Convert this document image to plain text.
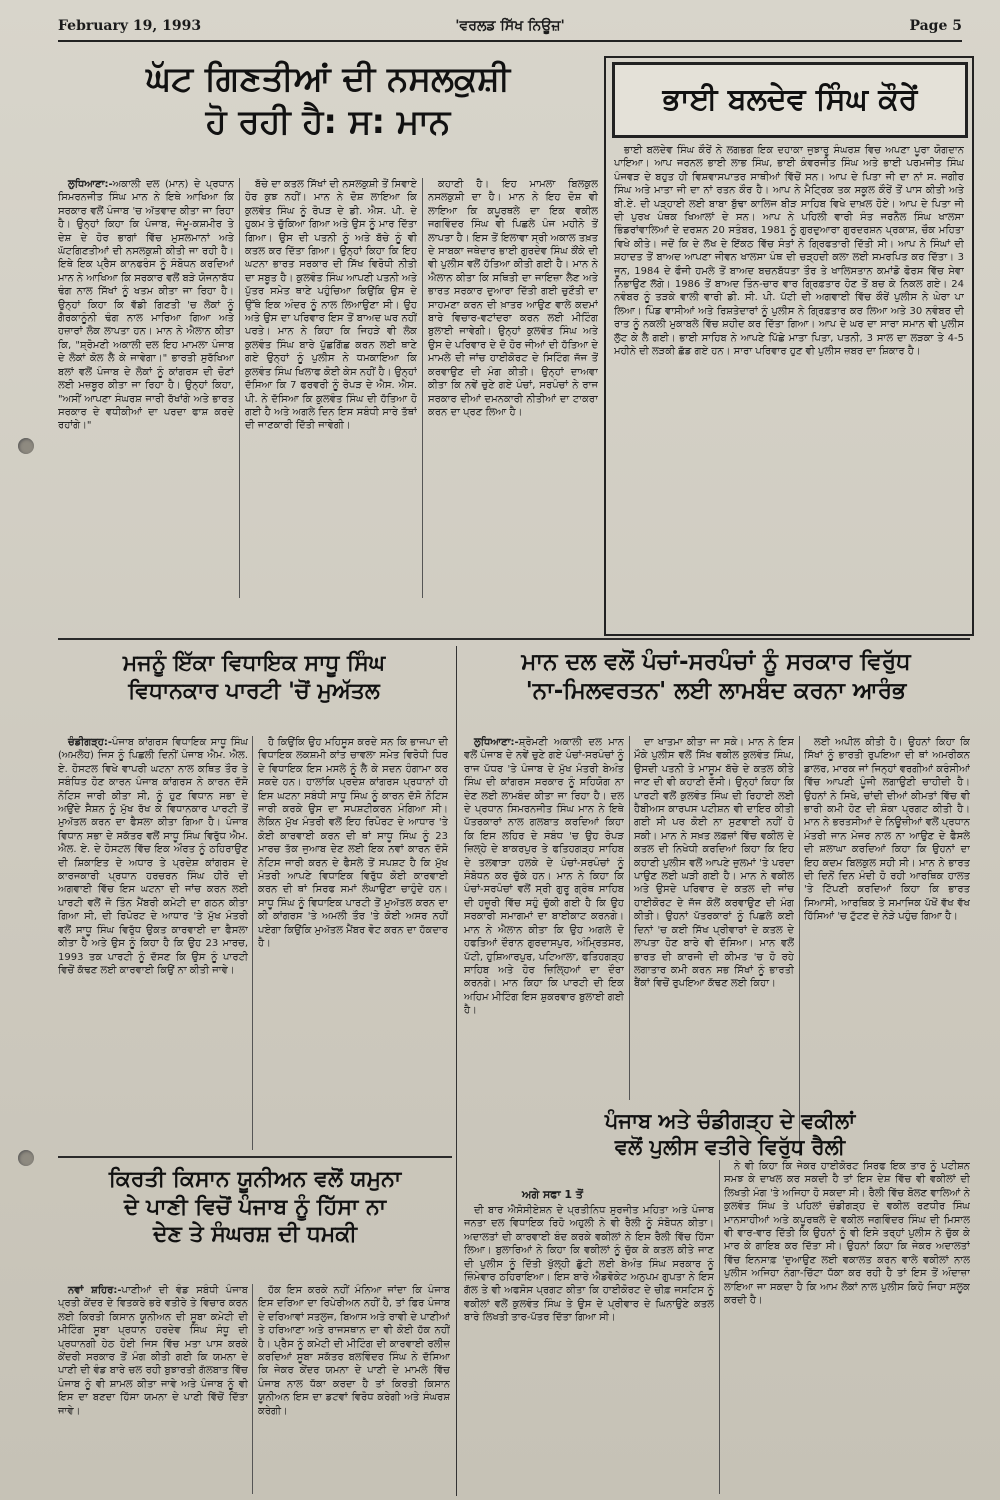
February 19, 1993	'ਵਰਲਡ ਸਿੱਖ ਨਿਊਜ਼'	Page 5
ਘੱਟ ਗਿਣਤੀਆਂ ਦੀ ਨਸਲਕੁਸ਼ੀ
ਹੋ ਰਹੀ ਹੈ: ਸ: ਮਾਨ

ਲੁਧਿਆਣਾ:-ਅਕਾਲੀ ਦਲ (ਮਾਨ) ਦੇ ਪ੍ਰਧਾਨ ਸਿਮਰਨਜੀਤ ਸਿੰਘ ਮਾਨ ਨੇ ਇਥੇ ਆਖਿਆ ਕਿ ਸਰਕਾਰ ਵਲੋਂ ਪੰਜਾਬ 'ਚ ਅੱਤਵਾਦ ਕੀਤਾ ਜਾ ਰਿਹਾ ਹੈ। ਉਨ੍ਹਾਂ ਕਿਹਾ ਕਿ ਪੰਜਾਬ, ਜੰਮੂ-ਕਸ਼ਮੀਰ ਤੇ ਦੇਸ਼ ਦੇ ਹੋਰ ਭਾਗਾਂ ਵਿੱਚ ਮੁਸਲਮਾਨਾਂ ਅਤੇ ਘੱਟਗਿਣਤੀਆਂ ਦੀ ਨਸਲਕੁਸ਼ੀ ਕੀਤੀ ਜਾ ਰਹੀ ਹੈ। ਇਥੇ ਇਕ ਪ੍ਰੈਸ ਕਾਨਫਰੰਸ ਨੂੰ ਸੰਬੋਧਨ ਕਰਦਿਆਂ ਮਾਨ ਨੇ ਆਖਿਆ ਕਿ ਸਰਕਾਰ ਵਲੋਂ ਬੜੇ ਯੋਜਨਾਬੱਧ ਢੰਗ ਨਾਲ ਸਿੱਖਾਂ ਨੂੰ ਖਤਮ ਕੀਤਾ ਜਾ ਰਿਹਾ ਹੈ। ਉਨ੍ਹਾਂ ਕਿਹਾ ਕਿ ਵੱਡੀ ਗਿਣਤੀ 'ਚ ਲੋਕਾਂ ਨੂੰ ਗੈਰਕਾਨੂੰਨੀ ਢੰਗ ਨਾਲ ਮਾਰਿਆ ਗਿਆ ਅਤੇ ਹਜ਼ਾਰਾਂ ਲੋਕ ਲਾਪਤਾ ਹਨ। ਮਾਨ ਨੇ ਐਲਾਨ ਕੀਤਾ ਕਿ, "ਸ਼੍ਰੋਮਣੀ ਅਕਾਲੀ ਦਲ ਇਹ ਮਾਮਲਾ ਪੰਜਾਬ ਦੇ ਲੋਕਾਂ ਕੋਲ ਲੈ ਕੇ ਜਾਵੇਗਾ।" ਭਾਰਤੀ ਸੁਰੱਖਿਆ ਬਲਾਂ ਵਲੋਂ ਪੰਜਾਬ ਦੇ ਲੋਕਾਂ ਨੂੰ ਕਾਂਗਰਸ ਦੀ ਚੋਣਾਂ ਲਈ ਮਜ਼ਬੂਰ ਕੀਤਾ ਜਾ ਰਿਹਾ ਹੈ। ਉਨ੍ਹਾਂ ਕਿਹਾ, "ਅਸੀਂ ਆਪਣਾ ਸੰਘਰਸ਼ ਜਾਰੀ ਰੱਖਾਂਗੇ ਅਤੇ ਭਾਰਤ ਸਰਕਾਰ ਦੇ ਵਧੀਕੀਆਂ ਦਾ ਪਰਦਾ ਫਾਸ਼ ਕਰਦੇ ਰਹਾਂਗੇ।"

ਬੱਚੇ ਦਾ ਕਤਲ ਸਿੱਖਾਂ ਦੀ ਨਸਲਕੁਸ਼ੀ ਤੋਂ ਸਿਵਾਏ ਹੋਰ ਕੁਝ ਨਹੀਂ। ਮਾਨ ਨੇ ਦੋਸ਼ ਲਾਇਆ ਕਿ ਕੁਲਵੰਤ ਸਿੰਘ ਨੂੰ ਰੋਪੜ ਦੇ ਡੀ. ਐਸ. ਪੀ. ਦੇ ਹੁਕਮ ਤੇ ਚੁੱਕਿਆ ਗਿਆ ਅਤੇ ਉਸ ਨੂੰ ਮਾਰ ਦਿੱਤਾ ਗਿਆ। ਉਸ ਦੀ ਪਤਨੀ ਨੂੰ ਅਤੇ ਬੱਚੇ ਨੂੰ ਵੀ ਕਤਲ ਕਰ ਦਿੱਤਾ ਗਿਆ। ਉਨ੍ਹਾਂ ਕਿਹਾ ਕਿ ਇਹ ਘਟਨਾ ਭਾਰਤ ਸਰਕਾਰ ਦੀ ਸਿੱਖ ਵਿਰੋਧੀ ਨੀਤੀ ਦਾ ਸਬੂਤ ਹੈ। ਕੁਲਵੰਤ ਸਿੰਘ ਆਪਣੀ ਪਤਨੀ ਅਤੇ ਪੁੱਤਰ ਸਮੇਤ ਥਾਣੇ ਪਹੁੰਚਿਆ ਕਿਉਂਕਿ ਉਸ ਦੇ ਉੱਥੇ ਇਕ ਅੰਦਰ ਨੂੰ ਨਾਲ ਲਿਆਉਣਾ ਸੀ। ਉਹ ਅਤੇ ਉਸ ਦਾ ਪਰਿਵਾਰ ਇਸ ਤੋਂ ਬਾਅਦ ਘਰ ਨਹੀਂ ਪਰਤੇ। ਮਾਨ ਨੇ ਕਿਹਾ ਕਿ ਜਿਹੜੇ ਵੀ ਲੋਕ ਕੁਲਵੰਤ ਸਿੰਘ ਬਾਰੇ ਪੁੱਛਗਿੱਛ ਕਰਨ ਲਈ ਥਾਣੇ ਗਏ ਉਨ੍ਹਾਂ ਨੂੰ ਪੁਲੀਸ ਨੇ ਧਮਕਾਇਆ ਕਿ ਕੁਲਵੰਤ ਸਿੰਘ ਖਿਲਾਫ ਕੋਈ ਕੇਸ ਨਹੀਂ ਹੈ। ਉਨ੍ਹਾਂ ਦੱਸਿਆ ਕਿ 7 ਫਰਵਰੀ ਨੂੰ ਰੋਪੜ ਦੇ ਐਸ. ਐਸ. ਪੀ. ਨੇ ਦੱਸਿਆ ਕਿ ਕੁਲਵੰਤ ਸਿੰਘ ਦੀ ਹੱਤਿਆ ਹੋ ਗਈ ਹੈ ਅਤੇ ਅਗਲੇ ਦਿਨ ਇਸ ਸਬੰਧੀ ਸਾਰੇ ਤੱਥਾਂ ਦੀ ਜਾਣਕਾਰੀ ਦਿੱਤੀ ਜਾਵੇਗੀ।

ਕਹਾਣੀ ਹੈ। ਇਹ ਮਾਮਲਾ ਬਿਲਕੁਲ ਨਸਲਕੁਸ਼ੀ ਦਾ ਹੈ। ਮਾਨ ਨੇ ਇਹ ਦੋਸ਼ ਵੀ ਲਾਇਆ ਕਿ ਕਪੂਰਥਲੇ ਦਾ ਇਕ ਵਕੀਲ ਜਗਵਿੰਦਰ ਸਿੰਘ ਵੀ ਪਿਛਲੇ ਪੰਜ ਮਹੀਨੇ ਤੋਂ ਲਾਪਤਾ ਹੈ। ਇਸ ਤੋਂ ਇਲਾਵਾ ਸ੍ਰੀ ਅਕਾਲ ਤਖ਼ਤ ਦੇ ਸਾਬਕਾ ਜਥੇਦਾਰ ਭਾਈ ਗੁਰਦੇਵ ਸਿੰਘ ਕੌਂਕੇ ਦੀ ਵੀ ਪੁਲੀਸ ਵਲੋਂ ਹੱਤਿਆ ਕੀਤੀ ਗਈ ਹੈ। ਮਾਨ ਨੇ ਐਲਾਨ ਕੀਤਾ ਕਿ ਸਥਿਤੀ ਦਾ ਜਾਇਜ਼ਾ ਲੈਣ ਅਤੇ ਭਾਰਤ ਸਰਕਾਰ ਦੁਆਰਾ ਦਿੱਤੀ ਗਈ ਚੁਣੌਤੀ ਦਾ ਸਾਹਮਣਾ ਕਰਨ ਦੀ ਖ਼ਾਤਰ ਆਉਣ ਵਾਲੇ ਕਦਮਾਂ ਬਾਰੇ ਵਿਚਾਰ-ਵਟਾਂਦਰਾ ਕਰਨ ਲਈ ਮੀਟਿੰਗ ਬੁਲਾਈ ਜਾਵੇਗੀ। ਉਨ੍ਹਾਂ ਕੁਲਵੰਤ ਸਿੰਘ ਅਤੇ ਉਸ ਦੇ ਪਰਿਵਾਰ ਦੇ ਦੋ ਹੋਰ ਜੀਆਂ ਦੀ ਹੱਤਿਆ ਦੇ ਮਾਮਲੇ ਦੀ ਜਾਂਚ ਹਾਈਕੋਰਟ ਦੇ ਸਿਟਿੰਗ ਜੱਜ ਤੋਂ ਕਰਵਾਉਣ ਦੀ ਮੰਗ ਕੀਤੀ। ਉਨ੍ਹਾਂ ਦਾਅਵਾ ਕੀਤਾ ਕਿ ਨਵੇਂ ਚੁਣੇ ਗਏ ਪੰਚਾਂ, ਸਰਪੰਚਾਂ ਨੇ ਰਾਜ ਸਰਕਾਰ ਦੀਆਂ ਦਮਨਕਾਰੀ ਨੀਤੀਆਂ ਦਾ ਟਾਕਰਾ ਕਰਨ ਦਾ ਪ੍ਰਣ ਲਿਆ ਹੈ।

ਭਾਈ ਬਲਦੇਵ ਸਿੰਘ ਕੌਰੇਂ

ਭਾਈ ਬਲਦੇਵ ਸਿੰਘ ਕੌਰੇਂ ਨੇ ਲਗਭਗ ਇਕ ਦਹਾਕਾ ਜੁਝਾਰੂ ਸੰਘਰਸ਼ ਵਿਚ ਅਪਣਾ ਪੂਰਾ ਯੋਗਦਾਨ ਪਾਇਆ। ਆਪ ਜਰਨਲ ਭਾਈ ਲਾਭ ਸਿੰਘ, ਭਾਈ ਕੰਵਰਜੀਤ ਸਿੰਘ ਅਤੇ ਭਾਈ ਪਰਮਜੀਤ ਸਿੰਘ ਪੰਜਵੜ ਦੇ ਬਹੁਤ ਹੀ ਵਿਸ਼ਵਾਸਪਾਤਰ ਸਾਥੀਆਂ ਵਿੱਚੋਂ ਸਨ। ਆਪ ਦੇ ਪਿਤਾ ਜੀ ਦਾ ਨਾਂ ਸ. ਜਗੀਰ ਸਿੰਘ ਅਤੇ ਮਾਤਾ ਜੀ ਦਾ ਨਾਂ ਰਤਨ ਕੌਰ ਹੈ। ਆਪ ਨੇ ਮੈਟ੍ਰਿਕ ਤਕ ਸਕੂਲ ਕੌਰੇਂ ਤੋਂ ਪਾਸ ਕੀਤੀ ਅਤੇ ਬੀ.ਏ. ਦੀ ਪੜ੍ਹਾਈ ਲਈ ਬਾਬਾ ਬੁੱਢਾ ਕਾਲਿਜ ਬੀੜ ਸਾਹਿਬ ਵਿਖੇ ਦਾਖ਼ਲ ਹੋਏ। ਆਪ ਦੇ ਪਿਤਾ ਜੀ ਦੀ ਪੁਰਖ ਪੰਥਕ ਖਿਆਲਾਂ ਦੇ ਸਨ। ਆਪ ਨੇ ਪਹਿਲੀ ਵਾਰੀ ਸੰਤ ਜਰਨੈਲ ਸਿੰਘ ਖਾਲਸਾ ਭਿੰਡਰਾਂਵਾਲਿਆਂ ਦੇ ਦਰਸ਼ਨ 20 ਸਤੰਬਰ, 1981 ਨੂੰ ਗੁਰਦੁਆਰਾ ਗੁਰਦਰਸ਼ਨ ਪ੍ਰਕਾਸ਼, ਚੌਕ ਮਹਿਤਾ ਵਿਖੇ ਕੀਤੇ। ਜਦੋਂ ਕਿ ਦੇ ਲੱਖ ਦੇ ਇੱਕਠ ਵਿੱਚ ਸੰਤਾਂ ਨੇ ਗ੍ਰਿਫਤਾਰੀ ਦਿੱਤੀ ਸੀ। ਆਪ ਨੇ ਸਿੰਘਾਂ ਦੀ ਸ਼ਹਾਦਤ ਤੋਂ ਬਾਅਦ ਆਪਣਾ ਜੀਵਨ ਖਾਲਸਾ ਪੰਥ ਦੀ ਚੜ੍ਹਦੀ ਕਲਾ ਲਈ ਸਮਰਪਿਤ ਕਰ ਦਿੱਤਾ। 3 ਜੂਨ, 1984 ਦੇ ਫੌਜੀ ਹਮਲੇ ਤੋਂ ਬਾਅਦ ਬਚਨਬੱਧਤਾ ਤੌਰ ਤੇ ਖਾਲਿਸਤਾਨ ਕਮਾਂਡੋ ਫੋਰਸ ਵਿੱਚ ਸੇਵਾ ਨਿਭਾਉਣ ਲੱਗੇ। 1986 ਤੋਂ ਬਾਅਦ ਤਿੰਨ-ਚਾਰ ਵਾਰ ਗ੍ਰਿਫ਼ਤਾਰ ਹੋਣ ਤੋਂ ਬਚ ਕੇ ਨਿਕਲ ਗਏ। 24 ਨਵੰਬਰ ਨੂੰ ਤੜਕੇ ਵਾਲੀ ਵਾਰੀ ਡੀ. ਸੀ. ਪੀ. ਪੱਟੀ ਦੀ ਅਗਵਾਈ ਵਿੱਚ ਕੌਰੇਂ ਪੁਲੀਸ ਨੇ ਘੇਰਾ ਪਾ ਲਿਆ। ਪਿੰਡ ਵਾਸੀਆਂ ਅਤੇ ਰਿਸ਼ਤੇਦਾਰਾਂ ਨੂੰ ਪੁਲੀਸ ਨੇ ਗ੍ਰਿਫ਼ਤਾਰ ਕਰ ਲਿਆ ਅਤੇ 30 ਨਵੰਬਰ ਦੀ ਰਾਤ ਨੂੰ ਨਕਲੀ ਮੁਕਾਬਲੇ ਵਿੱਚ ਸ਼ਹੀਦ ਕਰ ਦਿੱਤਾ ਗਿਆ। ਆਪ ਦੇ ਘਰ ਦਾ ਸਾਰਾ ਸਮਾਨ ਵੀ ਪੁਲੀਸ ਲੁੱਟ ਕੇ ਲੈ ਗਈ। ਭਾਈ ਸਾਹਿਬ ਨੇ ਆਪਣੇ ਪਿੱਛੇ ਮਾਤਾ ਪਿਤਾ, ਪਤਨੀ, 3 ਸਾਲ ਦਾ ਲੜਕਾ ਤੇ 4-5 ਮਹੀਨੇ ਦੀ ਲੜਕੀ ਛੱਡ ਗਏ ਹਨ। ਸਾਰਾ ਪਰਿਵਾਰ ਹੁਣ ਵੀ ਪੁਲੀਸ ਜ਼ਬਰ ਦਾ ਸ਼ਿਕਾਰ ਹੈ।

ਮਜਨੂੰ ਇੱਕਾ ਵਿਧਾਇਕ ਸਾਧੂ ਸਿੰਘ
ਵਿਧਾਨਕਾਰ ਪਾਰਟੀ 'ਚੋਂ ਮੁਅੱਤਲ

ਚੰਡੀਗੜ੍ਹ:-ਪੰਜਾਬ ਕਾਂਗਰਸ ਵਿਧਾਇਕ ਸਾਧੂ ਸਿੰਘ (ਅਮਲੋਹ) ਜਿਸ ਨੂੰ ਪਿਛਲੀ ਦਿਨੀਂ ਪੰਜਾਬ ਐਮ. ਐਲ. ਏ. ਹੋਸਟਲ ਵਿਖੇ ਵਾਪਰੀ ਘਟਨਾ ਨਾਲ ਕਥਿਤ ਤੌਰ ਤੇ ਸਬੰਧਿਤ ਹੋਣ ਕਾਰਨ ਪੰਜਾਬ ਕਾਂਗਰਸ ਨੇ ਕਾਰਨ ਦੱਸੋ ਨੋਟਿਸ ਜਾਰੀ ਕੀਤਾ ਸੀ, ਨੂੰ ਹੁਣ ਵਿਧਾਨ ਸਭਾ ਦੇ ਅਉਂਦੇ ਸੈਸ਼ਨ ਨੂੰ ਮੁੱਖ ਰੱਖ ਕੇ ਵਿਧਾਨਕਾਰ ਪਾਰਟੀ ਤੋਂ ਮੁਅੱਤਲ ਕਰਨ ਦਾ ਫੈਸਲਾ ਕੀਤਾ ਗਿਆ ਹੈ। ਪੰਜਾਬ ਵਿਧਾਨ ਸਭਾ ਦੇ ਸਕੱਤਰ ਵਲੋਂ ਸਾਧੂ ਸਿੰਘ ਵਿਰੁੱਧ ਐਮ. ਐਲ. ਏ. ਦੇ ਹੋਸਟਲ ਵਿੱਚ ਇਕ ਔਰਤ ਨੂੰ ਠਹਿਰਾਉਣ ਦੀ ਸ਼ਿਕਾਇਤ ਦੇ ਅਧਾਰ ਤੇ ਪ੍ਰਦੇਸ਼ ਕਾਂਗਰਸ ਦੇ ਕਾਰਜਕਾਰੀ ਪ੍ਰਧਾਨ ਹਰਚਰਨ ਸਿੰਘ ਹੀਰੋ ਦੀ ਅਗਵਾਈ ਵਿੱਚ ਇਸ ਘਟਨਾ ਦੀ ਜਾਂਚ ਕਰਨ ਲਈ ਪਾਰਟੀ ਵਲੋਂ ਜੋ ਤਿੰਨ ਮੈਂਬਰੀ ਕਮੇਟੀ ਦਾ ਗਠਨ ਕੀਤਾ ਗਿਆ ਸੀ, ਦੀ ਰਿਪੋਰਟ ਦੇ ਆਧਾਰ 'ਤੇ ਮੁੱਖ ਮੰਤਰੀ ਵਲੋਂ ਸਾਧੂ ਸਿੰਘ ਵਿਰੁੱਧ ਉਕਤ ਕਾਰਵਾਈ ਦਾ ਫੈਸਲਾ ਕੀਤਾ ਹੈ ਅਤੇ ਉਸ ਨੂੰ ਕਿਹਾ ਹੈ ਕਿ ਉਹ 23 ਮਾਰਚ, 1993 ਤਕ ਪਾਰਟੀ ਨੂੰ ਦੱਸਣ ਕਿ ਉਸ ਨੂੰ ਪਾਰਟੀ ਵਿਚੋਂ ਕੱਢਣ ਲਈ ਕਾਰਵਾਈ ਕਿਉਂ ਨਾ ਕੀਤੀ ਜਾਵੇ।

ਹੈ ਕਿਉਂਕਿ ਉਹ ਮਹਿਸੂਸ ਕਰਦੇ ਸਨ ਕਿ ਭਾਜਪਾ ਦੀ ਵਿਧਾਇਕ ਲਕਸ਼ਮੀ ਕਾਂਤ ਚਾਵਲਾ ਸਮੇਤ ਵਿਰੋਧੀ ਧਿਰ ਦੇ ਵਿਧਾਇਕ ਇਸ ਮਸਲੇ ਨੂੰ ਲੈ ਕੇ ਸਦਨ ਹੰਗਾਮਾ ਕਰ ਸਕਦੇ ਹਨ। ਹਾਲਾਂਕਿ ਪ੍ਰਦੇਸ਼ ਕਾਂਗਰਸ ਪ੍ਰਧਾਨਾਂ ਹੀ ਇਸ ਘਟਨਾ ਸਬੰਧੀ ਸਾਧੂ ਸਿੰਘ ਨੂੰ ਕਾਰਨ ਦੱਸੋ ਨੋਟਿਸ ਜਾਰੀ ਕਰਕੇ ਉਸ ਦਾ ਸਪਸ਼ਟੀਕਰਨ ਮੰਗਿਆ ਸੀ। ਲੇਕਿਨ ਮੁੱਖ ਮੰਤਰੀ ਵਲੋਂ ਇਹ ਰਿਪੋਰਟ ਦੇ ਆਧਾਰ 'ਤੇ ਕੋਈ ਕਾਰਵਾਈ ਕਰਨ ਦੀ ਥਾਂ ਸਾਧੂ ਸਿੰਘ ਨੂੰ 23 ਮਾਰਚ ਤੱਕ ਜੁਆਬ ਦੇਣ ਲਈ ਇਕ ਨਵਾਂ ਕਾਰਨ ਦੱਸੋ ਨੋਟਿਸ ਜਾਰੀ ਕਰਨ ਦੇ ਫੈਸਲੇ ਤੋਂ ਸਪਸ਼ਟ ਹੈ ਕਿ ਮੁੱਖ ਮੰਤਰੀ ਆਪਣੇ ਵਿਧਾਇਕ ਵਿਰੁੱਧ ਕੋਈ ਕਾਰਵਾਈ ਕਰਨ ਦੀ ਥਾਂ ਸਿਰਫ ਸਮਾਂ ਲੰਘਾਉਣਾ ਚਾਹੁੰਦੇ ਹਨ। ਸਾਧੂ ਸਿੰਘ ਨੂੰ ਵਿਧਾਇਕ ਪਾਰਟੀ ਤੋਂ ਮੁਅੱਤਲ ਕਰਨ ਦਾ ਕੀ ਕਾਂਗਰਸ 'ਤੇ ਅਮਲੀ ਤੌਰ 'ਤੇ ਕੋਈ ਅਸਰ ਨਹੀਂ ਪਏਗਾ ਕਿਉਂਕਿ ਮੁਅੱਤਲ ਮੈਂਬਰ ਵੋਟ ਕਰਨ ਦਾ ਹੱਕਦਾਰ ਹੈ।

ਮਾਨ ਦਲ ਵਲੋਂ ਪੰਚਾਂ-ਸਰਪੰਚਾਂ ਨੂੰ ਸਰਕਾਰ ਵਿਰੁੱਧ
'ਨਾ-ਮਿਲਵਰਤਨ' ਲਈ ਲਾਮਬੰਦ ਕਰਨਾ ਆਰੰਭ

ਲੁਧਿਆਣਾ:-ਸ਼੍ਰੋਮਣੀ ਅਕਾਲੀ ਦਲ ਮਾਨ ਵਲੋਂ ਪੰਜਾਬ ਦੇ ਨਵੇਂ ਚੁਣੇ ਗਏ ਪੰਚਾਂ-ਸਰਪੰਚਾਂ ਨੂੰ ਰਾਜ ਪੱਧਰ 'ਤੇ ਪੰਜਾਬ ਦੇ ਮੁੱਖ ਮੰਤਰੀ ਬੇਅੰਤ ਸਿੰਘ ਦੀ ਕਾਂਗਰਸ ਸਰਕਾਰ ਨੂੰ ਸਹਿਯੋਗ ਨਾ ਦੇਣ ਲਈ ਲਾਮਬੰਦ ਕੀਤਾ ਜਾ ਰਿਹਾ ਹੈ। ਦਲ ਦੇ ਪ੍ਰਧਾਨ ਸਿਮਰਨਜੀਤ ਸਿੰਘ ਮਾਨ ਨੇ ਇਥੇ ਪੱਤਰਕਾਰਾਂ ਨਾਲ ਗਲਬਾਤ ਕਰਦਿਆਂ ਕਿਹਾ ਕਿ ਇਸ ਲਹਿਰ ਦੇ ਸਬੰਧ 'ਚ ਉਹ ਰੋਪੜ ਜ਼ਿਲ੍ਹੇ ਦੇ ਬਾਕਰਪੁਰ ਤੇ ਫਤਿਹਗੜ੍ਹ ਸਾਹਿਬ ਦੇ ਤਲਵਾੜਾ ਹਲਕੇ ਦੇ ਪੰਚਾਂ-ਸਰਪੰਚਾਂ ਨੂੰ ਸੰਬੋਧਨ ਕਰ ਚੁੱਕੇ ਹਨ। ਮਾਨ ਨੇ ਕਿਹਾ ਕਿ ਪੰਚਾਂ-ਸਰਪੰਚਾਂ ਵਲੋਂ ਸ੍ਰੀ ਗੁਰੂ ਗ੍ਰੰਥ ਸਾਹਿਬ ਦੀ ਹਜ਼ੂਰੀ ਵਿੱਚ ਸਹੁੰ ਚੁੱਕੀ ਗਈ ਹੈ ਕਿ ਉਹ ਸਰਕਾਰੀ ਸਮਾਗਮਾਂ ਦਾ ਬਾਈਕਾਟ ਕਰਨਗੇ। ਮਾਨ ਨੇ ਐਲਾਨ ਕੀਤਾ ਕਿ ਉਹ ਅਗਲੇ ਦੋ ਹਫਤਿਆਂ ਦੌਰਾਨ ਗੁਰਦਾਸਪੁਰ, ਅੰਮ੍ਰਿਤਸਰ, ਪੱਟੀ, ਹੁਸ਼ਿਆਰਪੁਰ, ਪਟਿਆਲਾ, ਫਤਿਹਗੜ੍ਹ ਸਾਹਿਬ ਅਤੇ ਹੋਰ ਜ਼ਿਲ੍ਹਿਆਂ ਦਾ ਦੌਰਾ ਕਰਨਗੇ। ਮਾਨ ਕਿਹਾ ਕਿ ਪਾਰਟੀ ਦੀ ਇਕ ਅਹਿਮ ਮੀਟਿੰਗ ਇਸ ਸ਼ੁਕਰਵਾਰ ਬੁਲਾਈ ਗਈ ਹੈ।

ਦਾ ਖਾਤਮਾ ਕੀਤਾ ਜਾ ਸਕੇ। ਮਾਨ ਨੇ ਇਸ ਮੌਕੇ ਪੁਲੀਸ ਵਲੋਂ ਸਿੱਖ ਵਕੀਲ ਕੁਲਵੰਤ ਸਿੰਘ, ਉਸਦੀ ਪਤਨੀ ਤੇ ਮਾਸੂਮ ਬੱਚੇ ਦੇ ਕਤਲ ਕੀਤੇ ਜਾਣ ਦੀ ਵੀ ਕਹਾਣੀ ਦੱਸੀ। ਉਨ੍ਹਾਂ ਕਿਹਾ ਕਿ ਪਾਰਟੀ ਵਲੋਂ ਕੁਲਵੰਤ ਸਿੰਘ ਦੀ ਰਿਹਾਈ ਲਈ ਹੈਬੀਅਸ ਕਾਰਪਸ ਪਟੀਸ਼ਨ ਵੀ ਦਾਇਰ ਕੀਤੀ ਗਈ ਸੀ ਪਰ ਕੋਈ ਨਾ ਸੁਣਵਾਈ ਨਹੀਂ ਹੋ ਸਕੀ। ਮਾਨ ਨੇ ਸਖ਼ਤ ਲਫ਼ਜ਼ਾਂ ਵਿੱਚ ਵਕੀਲ ਦੇ ਕਤਲ ਦੀ ਨਿਖੇਧੀ ਕਰਦਿਆਂ ਕਿਹਾ ਕਿ ਇਹ ਕਹਾਣੀ ਪੁਲੀਸ ਵਲੋਂ ਆਪਣੇ ਜ਼ੁਲਮਾਂ 'ਤੇ ਪਰਦਾ ਪਾਉਣ ਲਈ ਘੜੀ ਗਈ ਹੈ। ਮਾਨ ਨੇ ਵਕੀਲ ਅਤੇ ਉਸਦੇ ਪਰਿਵਾਰ ਦੇ ਕਤਲ ਦੀ ਜਾਂਚ ਹਾਈਕੋਰਟ ਦੇ ਜੱਜ ਕੋਲੋਂ ਕਰਵਾਉਣ ਦੀ ਮੰਗ ਕੀਤੀ। ਉਹਨਾਂ ਪੱਤਰਕਾਰਾਂ ਨੂੰ ਪਿਛਲੇ ਕਈ ਦਿਨਾਂ 'ਚ ਕਈ ਸਿੱਖ ਪ੍ਰੀਵਾਰਾਂ ਦੇ ਕਤਲ ਦੇ ਲਾਪਤਾ ਹੋਣ ਬਾਰੇ ਵੀ ਦੱਸਿਆ। ਮਾਨ ਵਲੋਂ ਭਾਰਤ ਦੀ ਕਾਰਜੀ ਦੀ ਕੀਮਤ 'ਚ ਹੋ ਰਹੇ ਲਗਾਤਾਰ ਕਮੀ ਕਰਨ ਸਭ ਸਿੱਖਾਂ ਨੂੰ ਭਾਰਤੀ ਬੈਂਕਾਂ ਵਿਚੋਂ ਰੁਪਇਆ ਕੱਢਣ ਲਈ ਕਿਹਾ।

ਲਈ ਅਪੀਲ ਕੀਤੀ ਹੈ। ਉਹਨਾਂ ਕਿਹਾ ਕਿ ਸਿੱਖਾਂ ਨੂੰ ਭਾਰਤੀ ਰੁਪਇਆ ਦੀ ਥਾਂ ਅਮਰੀਕਨ ਡਾਲਰ, ਮਾਰਕ ਜਾਂ ਜਿਨ੍ਹਾਂ ਵਰਗੀਆਂ ਕਰੰਸੀਆਂ ਵਿੱਚ ਆਪਣੀ ਪੂੰਜੀ ਲਗਾਉਣੀ ਚਾਹੀਦੀ ਹੈ। ਉਹਨਾਂ ਨੇ ਸਿਖੇ, ਚਾਂਦੀ ਦੀਆਂ ਕੀਮਤਾਂ ਵਿੱਚ ਵੀ ਭਾਰੀ ਕਮੀ ਹੋਣ ਦੀ ਸ਼ੰਕਾ ਪ੍ਰਗਟ ਕੀਤੀ ਹੈ। ਮਾਨ ਨੇ ਭਰਤਸੀਆਂ ਦੇ ਨਿਊਜ਼ੀਆਂ ਵਲੋਂ ਪ੍ਰਧਾਨ ਮੰਤਰੀ ਜਾਨ ਮੇਜਰ ਨਾਲ ਨਾ ਆਉਣ ਦੇ ਫੈਸਲੇ ਦੀ ਸ਼ਲਾਘਾ ਕਰਦਿਆਂ ਕਿਹਾ ਕਿ ਉਹਨਾਂ ਦਾ ਇਹ ਕਦਮ ਬਿਲਕੁਲ ਸਹੀ ਸੀ। ਮਾਨ ਨੇ ਭਾਰਤ ਦੀ ਦਿਨੋਂ ਦਿਨ ਮੰਦੀ ਹੋ ਰਹੀ ਆਰਥਿਕ ਹਾਲਤ 'ਤੇ ਟਿੱਪਣੀ ਕਰਦਿਆਂ ਕਿਹਾ ਕਿ ਭਾਰਤ ਸਿਆਸੀ, ਆਰਥਿਕ ਤੇ ਸਮਾਜਿਕ ਪੱਖੋਂ ਵੱਖ ਵੱਖ ਹਿੱਸਿਆਂ 'ਚ ਟੁੱਟਣ ਦੇ ਨੇੜੇ ਪਹੁੰਚ ਗਿਆ ਹੈ।

ਪੰਜਾਬ ਅਤੇ ਚੰਡੀਗੜ੍ਹ ਦੇ ਵਕੀਲਾਂ
ਵਲੋਂ ਪੁਲੀਸ ਵਤੀਰੇ ਵਿਰੁੱਧ ਰੈਲੀ
ਅਗੇ ਸਫਾ 1 ਤੋਂ

ਦੀ ਬਾਰ ਐਸੋਸੀਏਸ਼ਨ ਦੇ ਪ੍ਰਤੀਨਿਧ ਸੁਰਜੀਤ ਮਹਿਤਾ ਅਤੇ ਪੰਜਾਬ ਜਨਤਾ ਦਲ ਵਿਧਾਇਕ ਰਿਹੋ ਅਹੁਲੀ ਨੇ ਵੀ ਰੈਲੀ ਨੂੰ ਸੰਬੋਧਨ ਕੀਤਾ। ਅਦਾਲਤਾਂ ਦੀ ਕਾਰਵਾਈ ਬੰਦ ਕਰਕੇ ਵਕੀਲਾਂ ਨੇ ਇਸ ਰੈਲੀ ਵਿੱਚ ਹਿੱਸਾ ਲਿਆ। ਬੁਲਾਰਿਆਂ ਨੇ ਕਿਹਾ ਕਿ ਵਕੀਲਾਂ ਨੂੰ ਚੁੱਕ ਕੇ ਕਤਲ ਕੀਤੇ ਜਾਣ ਦੀ ਪੁਲੀਸ ਨੂੰ ਦਿੱਤੀ ਖੁੱਲ੍ਹੀ ਛੁੱਟੀ ਲਈ ਬੇਅੰਤ ਸਿੰਘ ਸਰਕਾਰ ਨੂੰ ਜ਼ਿੰਮੇਵਾਰ ਠਹਿਰਾਇਆ। ਇਸ ਬਾਰੇ ਐਡਵੋਕੇਟ ਅਨੁਪਮ ਗੁਪਤਾ ਨੇ ਇਸ ਗੱਲ ਤੇ ਵੀ ਅਫਸੋਸ ਪ੍ਰਗਟ ਕੀਤਾ ਕਿ ਹਾਈਕੋਰਟ ਦੇ ਚੀਫ਼ ਜਸਟਿਸ ਨੂੰ ਵਕੀਲਾਂ ਵਲੋਂ ਕੁਲਵੰਤ ਸਿੰਘ ਤੇ ਉਸ ਦੇ ਪ੍ਰੀਵਾਰ ਦੇ ਘਿਨਾਉਣੇ ਕਤਲ ਬਾਰੇ ਲਿਖਤੀ ਤਾਰ-ਪੱਤਰ ਦਿੱਤਾ ਗਿਆ ਸੀ।

ਨੇ ਵੀ ਕਿਹਾ ਕਿ ਜੇਕਰ ਹਾਈਕੋਰਟ ਸਿਰਫ ਇਕ ਤਾਰ ਨੂੰ ਪਟੀਸ਼ਨ ਸਮਝ ਕੇ ਦਾਖਲ ਕਰ ਸਕਦੀ ਹੈ ਤਾਂ ਇਸ ਦੇਸ਼ ਵਿੱਚ ਵੀ ਵਕੀਲਾਂ ਦੀ ਲਿਖਤੀ ਮੰਗ 'ਤੇ ਅਜਿਹਾ ਹੋ ਸਕਦਾ ਸੀ। ਰੈਲੀ ਵਿੱਚ ਬੋਲਣ ਵਾਲਿਆਂ ਨੇ ਕੁਲਵੰਤ ਸਿੰਘ ਤੇ ਪਹਿਲਾਂ ਚੰਡੀਗੜ੍ਹ ਦੇ ਵਕੀਲ ਰਣਧੀਰ ਸਿੰਘ ਮਾਨਸਾਹੀਆਂ ਅਤੇ ਕਪੂਰਥਲੇ ਦੇ ਵਕੀਲ ਜਗਵਿੰਦਰ ਸਿੰਘ ਦੀ ਮਿਸਾਲ ਵੀ ਵਾਰ-ਵਾਰ ਦਿੱਤੀ ਕਿ ਉਹਨਾਂ ਨੂੰ ਵੀ ਇਸੇ ਤਰ੍ਹਾਂ ਪੁਲੀਸ ਨੇ ਚੁੱਕ ਕੇ ਮਾਰ ਕੇ ਗਾਇਬ ਕਰ ਦਿੱਤਾ ਸੀ। ਉਹਨਾਂ ਕਿਹਾ ਕਿ ਜੇਕਰ ਅਦਾਲਤਾਂ ਵਿੱਚ ਇਨਸਾਫ਼ 'ਦੁਆਉਣ ਲਈ ਵਕਾਲਤ ਕਰਨ ਵਾਲੇ ਵਕੀਲਾਂ ਨਾਲ ਪੁਲੀਸ ਅਜਿਹਾ ਨੰਗਾ-ਚਿੱਟਾ ਧੱਕਾ ਕਰ ਰਹੀ ਹੈ ਤਾਂ ਇਸ ਤੋਂ ਅੰਦਾਜ਼ਾ ਲਾਇਆ ਜਾ ਸਕਦਾ ਹੈ ਕਿ ਆਮ ਲੋਕਾਂ ਨਾਲ ਪੁਲੀਸ ਕਿਹੋ ਜਿਹਾ ਸਲੂਕ ਕਰਦੀ ਹੈ।

ਕਿਰਤੀ ਕਿਸਾਨ ਯੂਨੀਅਨ ਵਲੋਂ ਯਮੁਨਾ
ਦੇ ਪਾਣੀ ਵਿਚੋਂ ਪੰਜਾਬ ਨੂੰ ਹਿੱਸਾ ਨਾ
ਦੇਣ ਤੇ ਸੰਘਰਸ਼ ਦੀ ਧਮਕੀ

ਨਵਾਂ ਸ਼ਹਿਰ:-ਪਾਣੀਆਂ ਦੀ ਵੰਡ ਸਬੰਧੀ ਪੰਜਾਬ ਪ੍ਰਤੀ ਕੇਂਦਰ ਦੇ ਵਿਤਕਰੇ ਭਰੇ ਵਤੀਰੇ ਤੇ ਵਿਚਾਰ ਕਰਨ ਲਈ ਕਿਰਤੀ ਕਿਸਾਨ ਯੂਨੀਅਨ ਦੀ ਸੂਬਾ ਕਮੇਟੀ ਦੀ ਮੀਟਿੰਗ ਸੂਬਾ ਪ੍ਰਧਾਨ ਹਰਦੇਵ ਸਿੰਘ ਸੰਧੂ ਦੀ ਪ੍ਰਧਾਨਗੀ ਹੇਠ ਹੋਈ ਜਿਸ ਵਿੱਚ ਮਤਾ ਪਾਸ ਕਰਕੇ ਕੇਂਦਰੀ ਸਰਕਾਰ ਤੋਂ ਮੰਗ ਕੀਤੀ ਗਈ ਕਿ ਯਮਨਾ ਦੇ ਪਾਣੀ ਦੀ ਵੰਡ ਬਾਰੇ ਚਲ ਰਹੀ ਬੁਝਾਰਤੀ ਗੱਲਬਾਤ ਵਿੱਚ ਪੰਜਾਬ ਨੂੰ ਵੀ ਸ਼ਾਮਲ ਕੀਤਾ ਜਾਵੇ ਅਤੇ ਪੰਜਾਬ ਨੂੰ ਵੀ ਇਸ ਦਾ ਬਣਦਾ ਹਿੱਸਾ ਯਮਨਾ ਦੇ ਪਾਣੀ ਵਿੱਚੋਂ ਦਿੱਤਾ ਜਾਵੇ।

ਹੱਕ ਇਸ ਕਰਕੇ ਨਹੀਂ ਮੰਨਿਆ ਜਾਂਦਾ ਕਿ ਪੰਜਾਬ ਇਸ ਦਰਿਆ ਦਾ ਰਿਪੇਰੀਅਨ ਨਹੀਂ ਹੈ, ਤਾਂ ਫਿਰ ਪੰਜਾਬ ਦੇ ਦਰਿਆਵਾਂ ਸਤਲੁਜ, ਬਿਆਸ ਅਤੇ ਰਾਵੀ ਦੇ ਪਾਣੀਆਂ ਤੇ ਹਰਿਆਣਾ ਅਤੇ ਰਾਜਸਥਾਨ ਦਾ ਵੀ ਕੋਈ ਹੱਕ ਨਹੀਂ ਹੈ। ਪ੍ਰੈਸ ਨੂੰ ਕਮੇਟੀ ਦੀ ਮੀਟਿੰਗ ਦੀ ਕਾਰਵਾਈ ਰਲੀਜ਼ ਕਰਦਿਆਂ ਸੂਬਾ ਸਕੱਤਰ ਬਲਵਿੰਦਰ ਸਿੰਘ ਨੇ ਦੱਸਿਆ ਕਿ ਜੇਕਰ ਕੇਂਦਰ ਯਮਨਾ ਦੇ ਪਾਣੀ ਦੇ ਮਾਮਲੇ ਵਿੱਚ ਪੰਜਾਬ ਨਾਲ ਧੱਕਾ ਕਰਦਾ ਹੈ ਤਾਂ ਕਿਰਤੀ ਕਿਸਾਨ ਯੂਨੀਅਨ ਇਸ ਦਾ ਡਟਵਾਂ ਵਿਰੋਧ ਕਰੇਗੀ ਅਤੇ ਸੰਘਰਸ਼ ਕਰੇਗੀ।
